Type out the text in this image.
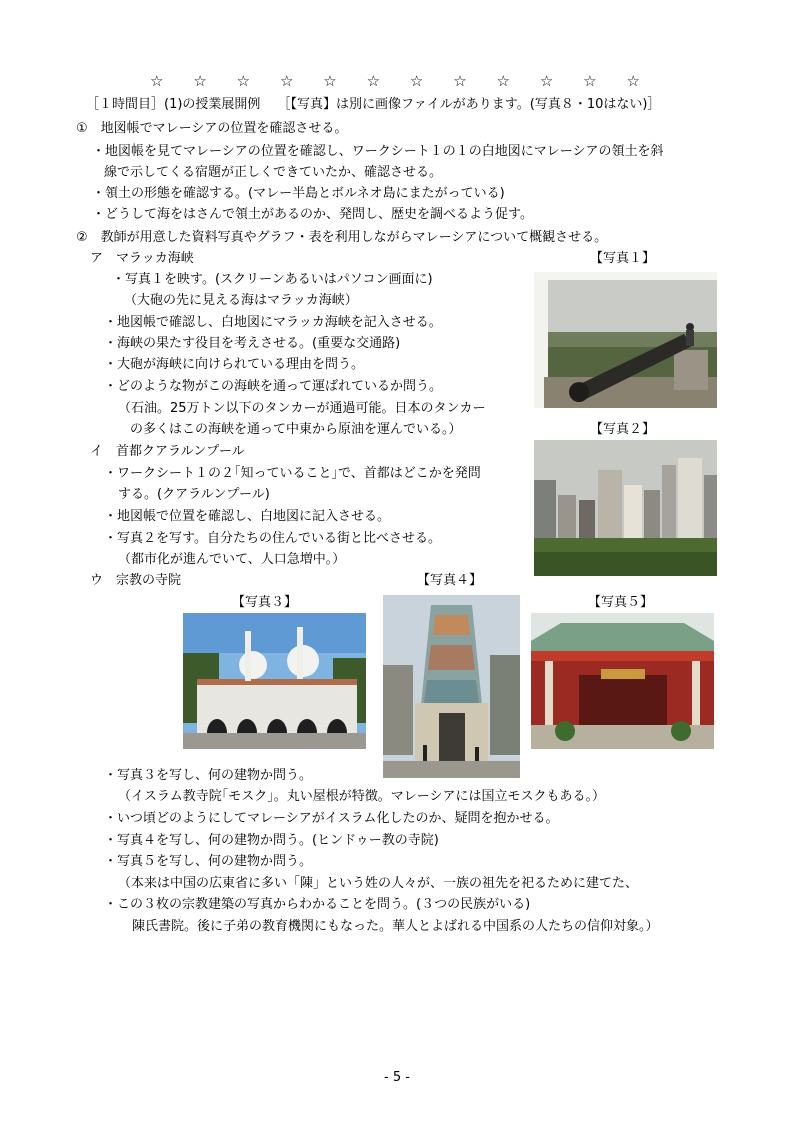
☆ ☆ ☆ ☆ ☆ ☆ ☆ ☆ ☆ ☆ ☆ ☆
［１時間目］(1)の授業展開例　 ［【写真】は別に画像ファイルがあります。(写真８・10はない)］
①　地図帳でマレーシアの位置を確認させる。
・地図帳を見てマレーシアの位置を確認し、ワークシート１の１の白地図にマレーシアの領土を斜
線で示してくる宿題が正しくできていたか、確認させる。
・領土の形態を確認する。(マレー半島とボルネオ島にまたがっている)
・どうして海をはさんで領土があるのか、発問し、歴史を調べるよう促す。
②　教師が用意した資料写真やグラフ・表を利用しながらマレーシアについて概観させる。
ア　マラッカ海峡	【写真１】
・写真１を映す。(スクリーンあるいはパソコン画面に)
（大砲の先に見える海はマラッカ海峡）
・地図帳で確認し、白地図にマラッカ海峡を記入させる。
・海峡の果たす役目を考えさせる。(重要な交通路)
・大砲が海峡に向けられている理由を問う。
・どのような物がこの海峡を通って運ばれているか問う。
（石油。25万トン以下のタンカーが通過可能。日本のタンカー
の多くはこの海峡を通って中東から原油を運んでいる。）	【写真２】
イ　首都クアラルンプール
・ワークシート１の２｢知っていること｣で、首都はどこかを発問
する。(クアラルンプール)
・地図帳で位置を確認し、白地図に記入させる。
・写真２を写す。自分たちの住んでいる街と比べさせる。
（都市化が進んでいて、人口急増中。）
ウ　宗教の寺院	【写真４】
【写真３】	【写真５】
・写真３を写し、何の建物か問う。
（イスラム教寺院｢モスク｣。丸い屋根が特徴。マレーシアには国立モスクもある。）
・いつ頃どのようにしてマレーシアがイスラム化したのか、疑問を抱かせる。
・写真４を写し、何の建物か問う。(ヒンドゥー教の寺院)
・写真５を写し、何の建物か問う。
（本来は中国の広東省に多い「陳」という姓の人々が、一族の祖先を祀るために建てた、
・この３枚の宗教建築の写真からわかることを問う。(３つの民族がいる)
陳氏書院。後に子弟の教育機関にもなった。華人とよばれる中国系の人たちの信仰対象。）
- 5 -
